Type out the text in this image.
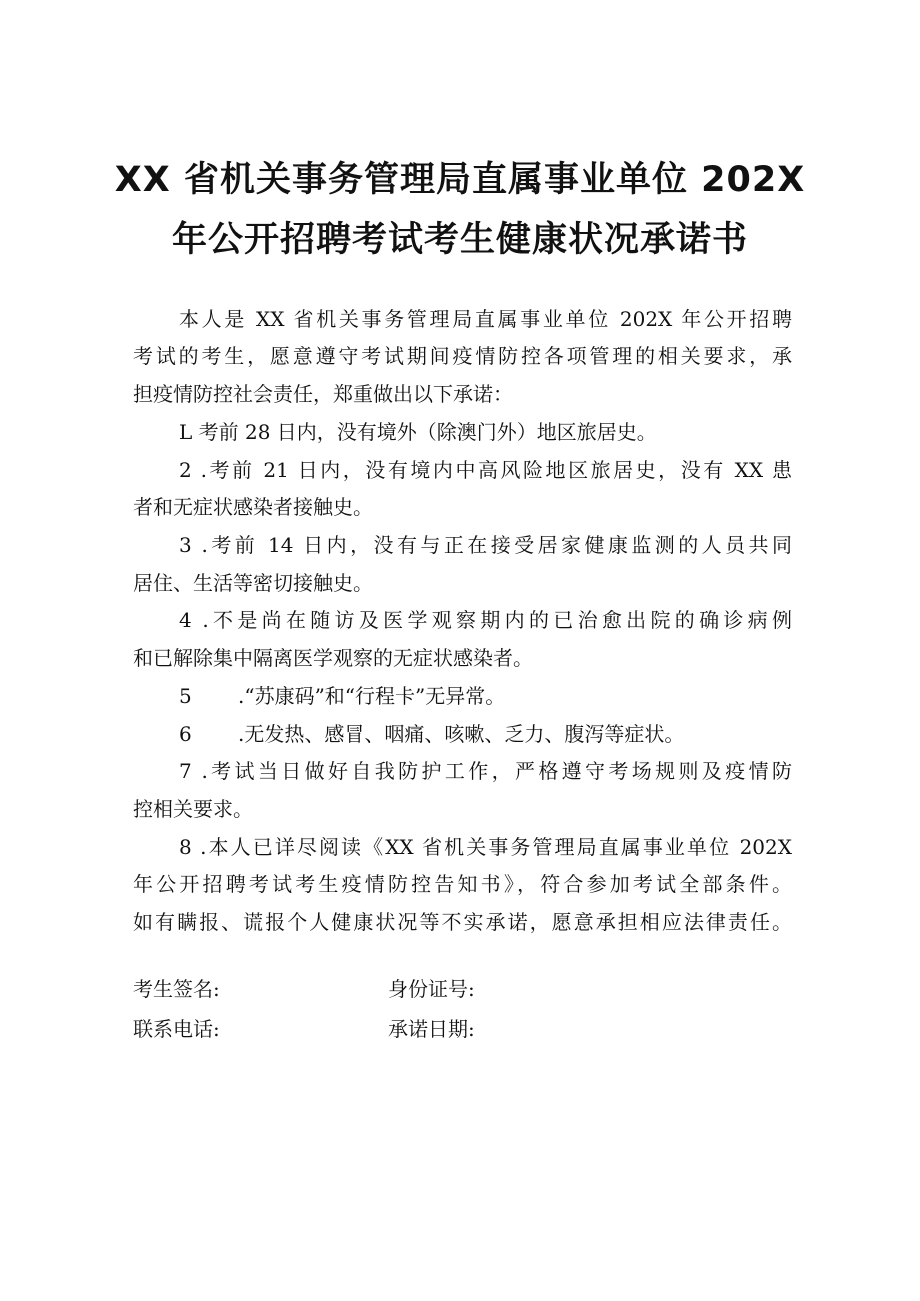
XX 省机关事务管理局直属事业单位 202X
年公开招聘考试考生健康状况承诺书
本人是 XX 省机关事务管理局直属事业单位 202X 年公开招聘
考试的考生，愿意遵守考试期间疫情防控各项管理的相关要求，承
担疫情防控社会责任，郑重做出以下承诺：
L 考前 28 日内，没有境外（除澳门外）地区旅居史。
2 .考前 21 日内，没有境内中高风险地区旅居史，没有 XX 患
者和无症状感染者接触史。
3 .考前 14 日内，没有与正在接受居家健康监测的人员共同
居住、生活等密切接触史。
4 .不是尚在随访及医学观察期内的已治愈出院的确诊病例
和已解除集中隔离医学观察的无症状感染者。
5 .“苏康码”和“行程卡”无异常。
6 .无发热、感冒、咽痛、咳嗽、乏力、腹泻等症状。
7 .考试当日做好自我防护工作，严格遵守考场规则及疫情防
控相关要求。
8 .本人已详尽阅读《XX 省机关事务管理局直属事业单位 202X
年公开招聘考试考生疫情防控告知书》，符合参加考试全部条件。
如有瞒报、谎报个人健康状况等不实承诺，愿意承担相应法律责任。
考生签名:	身份证号:
联系电话:	承诺日期:
